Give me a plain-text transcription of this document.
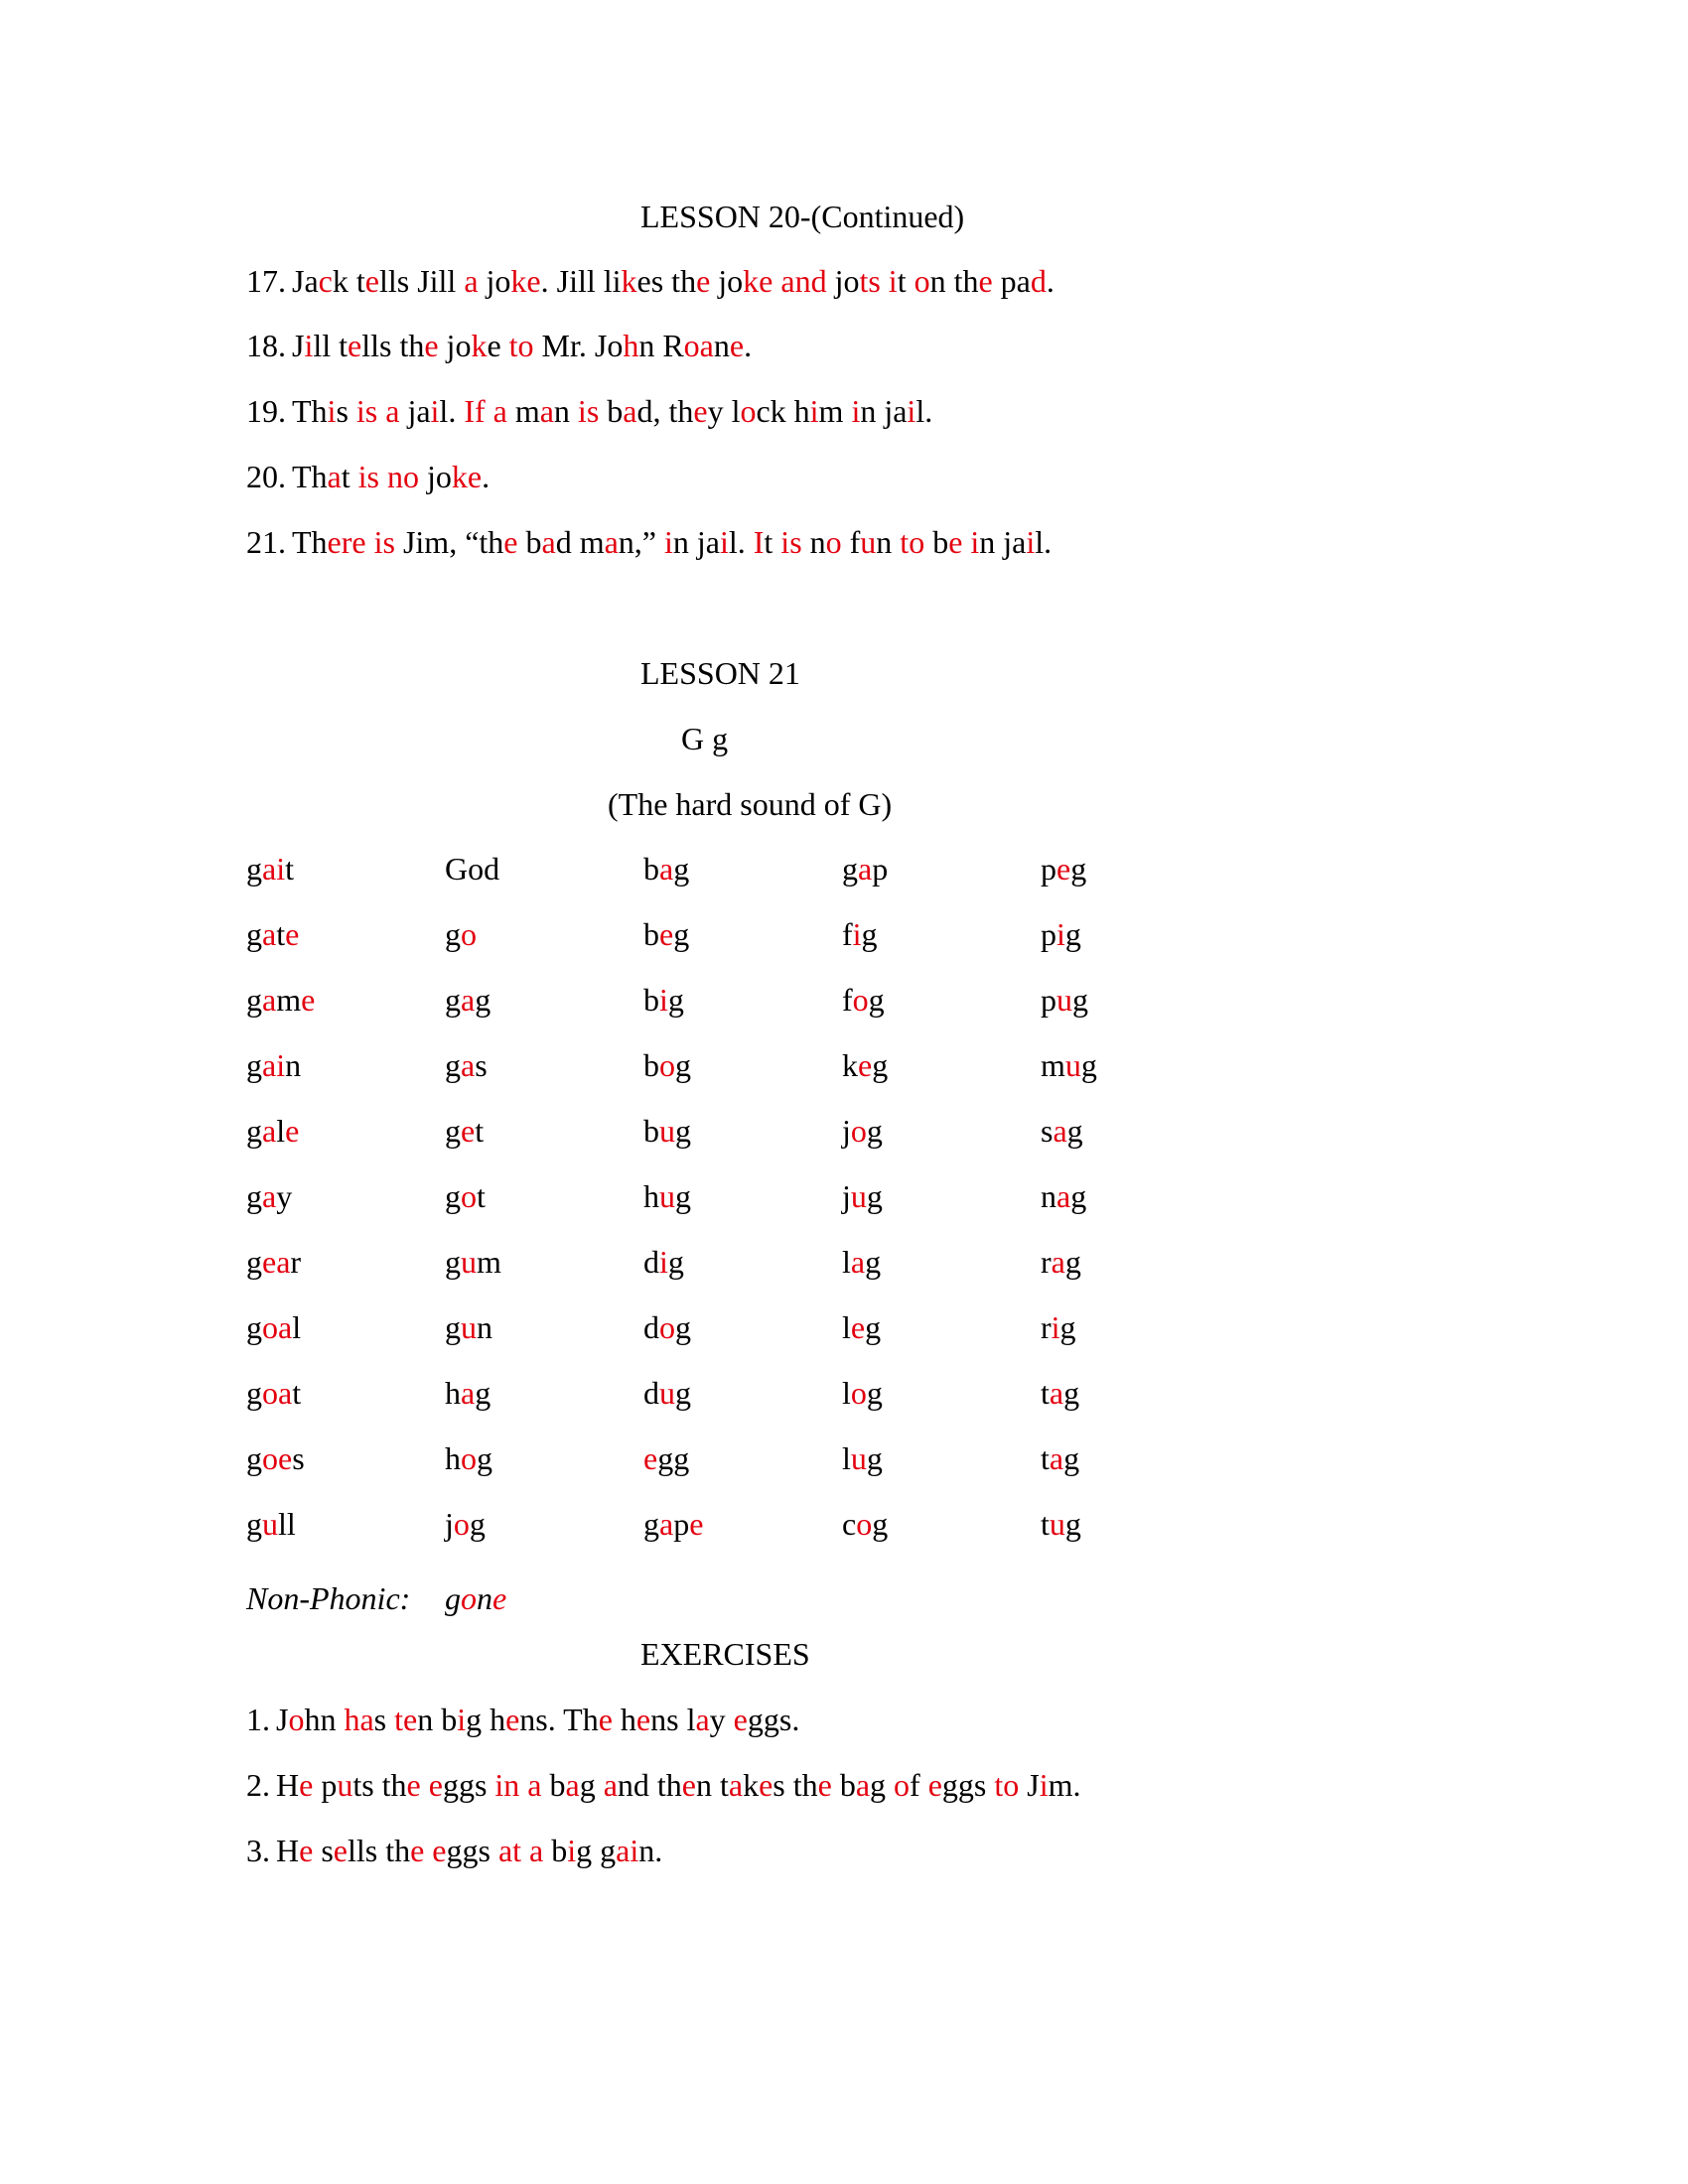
LESSON 20-(Continued)
17. Jack tells Jill a joke. Jill likes the joke and jots it on the pad.
18. Jill tells the joke to Mr. John Roane.
19. This is a jail. If a man is bad, they lock him in jail.
20. That is no joke.
21. There is Jim, “the bad man,” in jail. It is no fun to be in jail.
LESSON 21
G g
(The hard sound of G)
gait	God	bag	gap	peg
gate	go	beg	fig	pig
game	gag	big	fog	pug
gain	gas	bog	keg	mug
gale	get	bug	jog	sag
gay	got	hug	jug	nag
gear	gum	dig	lag	rag
goal	gun	dog	leg	rig
goat	hag	dug	log	tag
goes	hog	egg	lug	tag
gull	jog	gape	cog	tug
Non-Phonic: gone
EXERCISES
1. John has ten big hens. The hens lay eggs.
2. He puts the eggs in a bag and then takes the bag of eggs to Jim.
3. He sells the eggs at a big gain.
